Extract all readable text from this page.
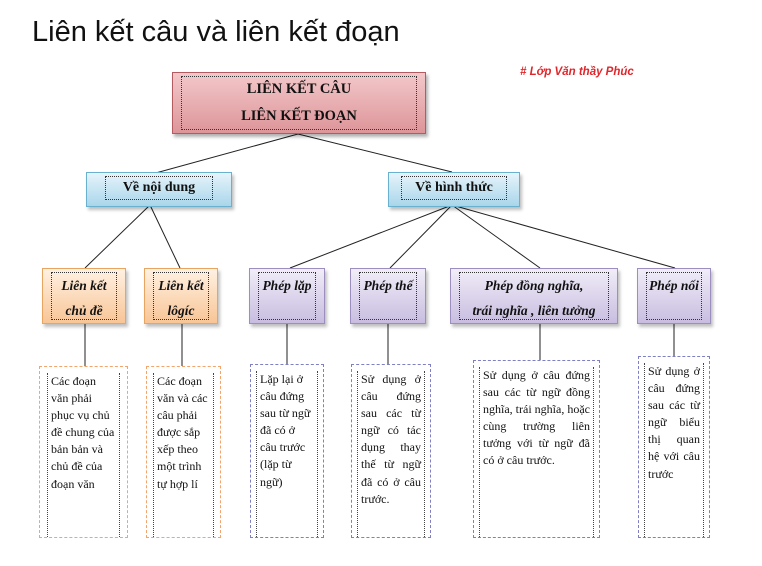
Liên kết câu và liên kết đoạn
# Lớp Văn thầy Phúc
LIÊN KẾT CÂU
LIÊN KẾT ĐOẠN
Về nội dung	Về hình thức
Liên kết
chủ đề
Liên kết
lôgíc
Phép lặp	Phép thế	Phép đồng nghĩa,
trái nghĩa , liên tưởng
Phép nối
Các đoạn văn phải phục vụ chủ đề chung của bản bản và chủ đề của đoạn văn
Các đoạn văn và các câu phải được sắp xếp theo một trình tự hợp lí
Lặp lại ở câu đứng sau từ ngữ đã có ở câu trước (lặp từ ngữ)
Sử dụng ở câu đứng sau các từ ngữ có tác dụng thay thế từ ngữ đã có ở câu trước.
Sử dụng ở câu đứng sau các từ ngữ đồng nghĩa, trái nghĩa, hoặc cùng trường liên tưởng với từ ngữ đã có ở câu trước.
Sử dụng ở câu đứng sau các từ ngữ biểu thị quan hệ với câu trước
